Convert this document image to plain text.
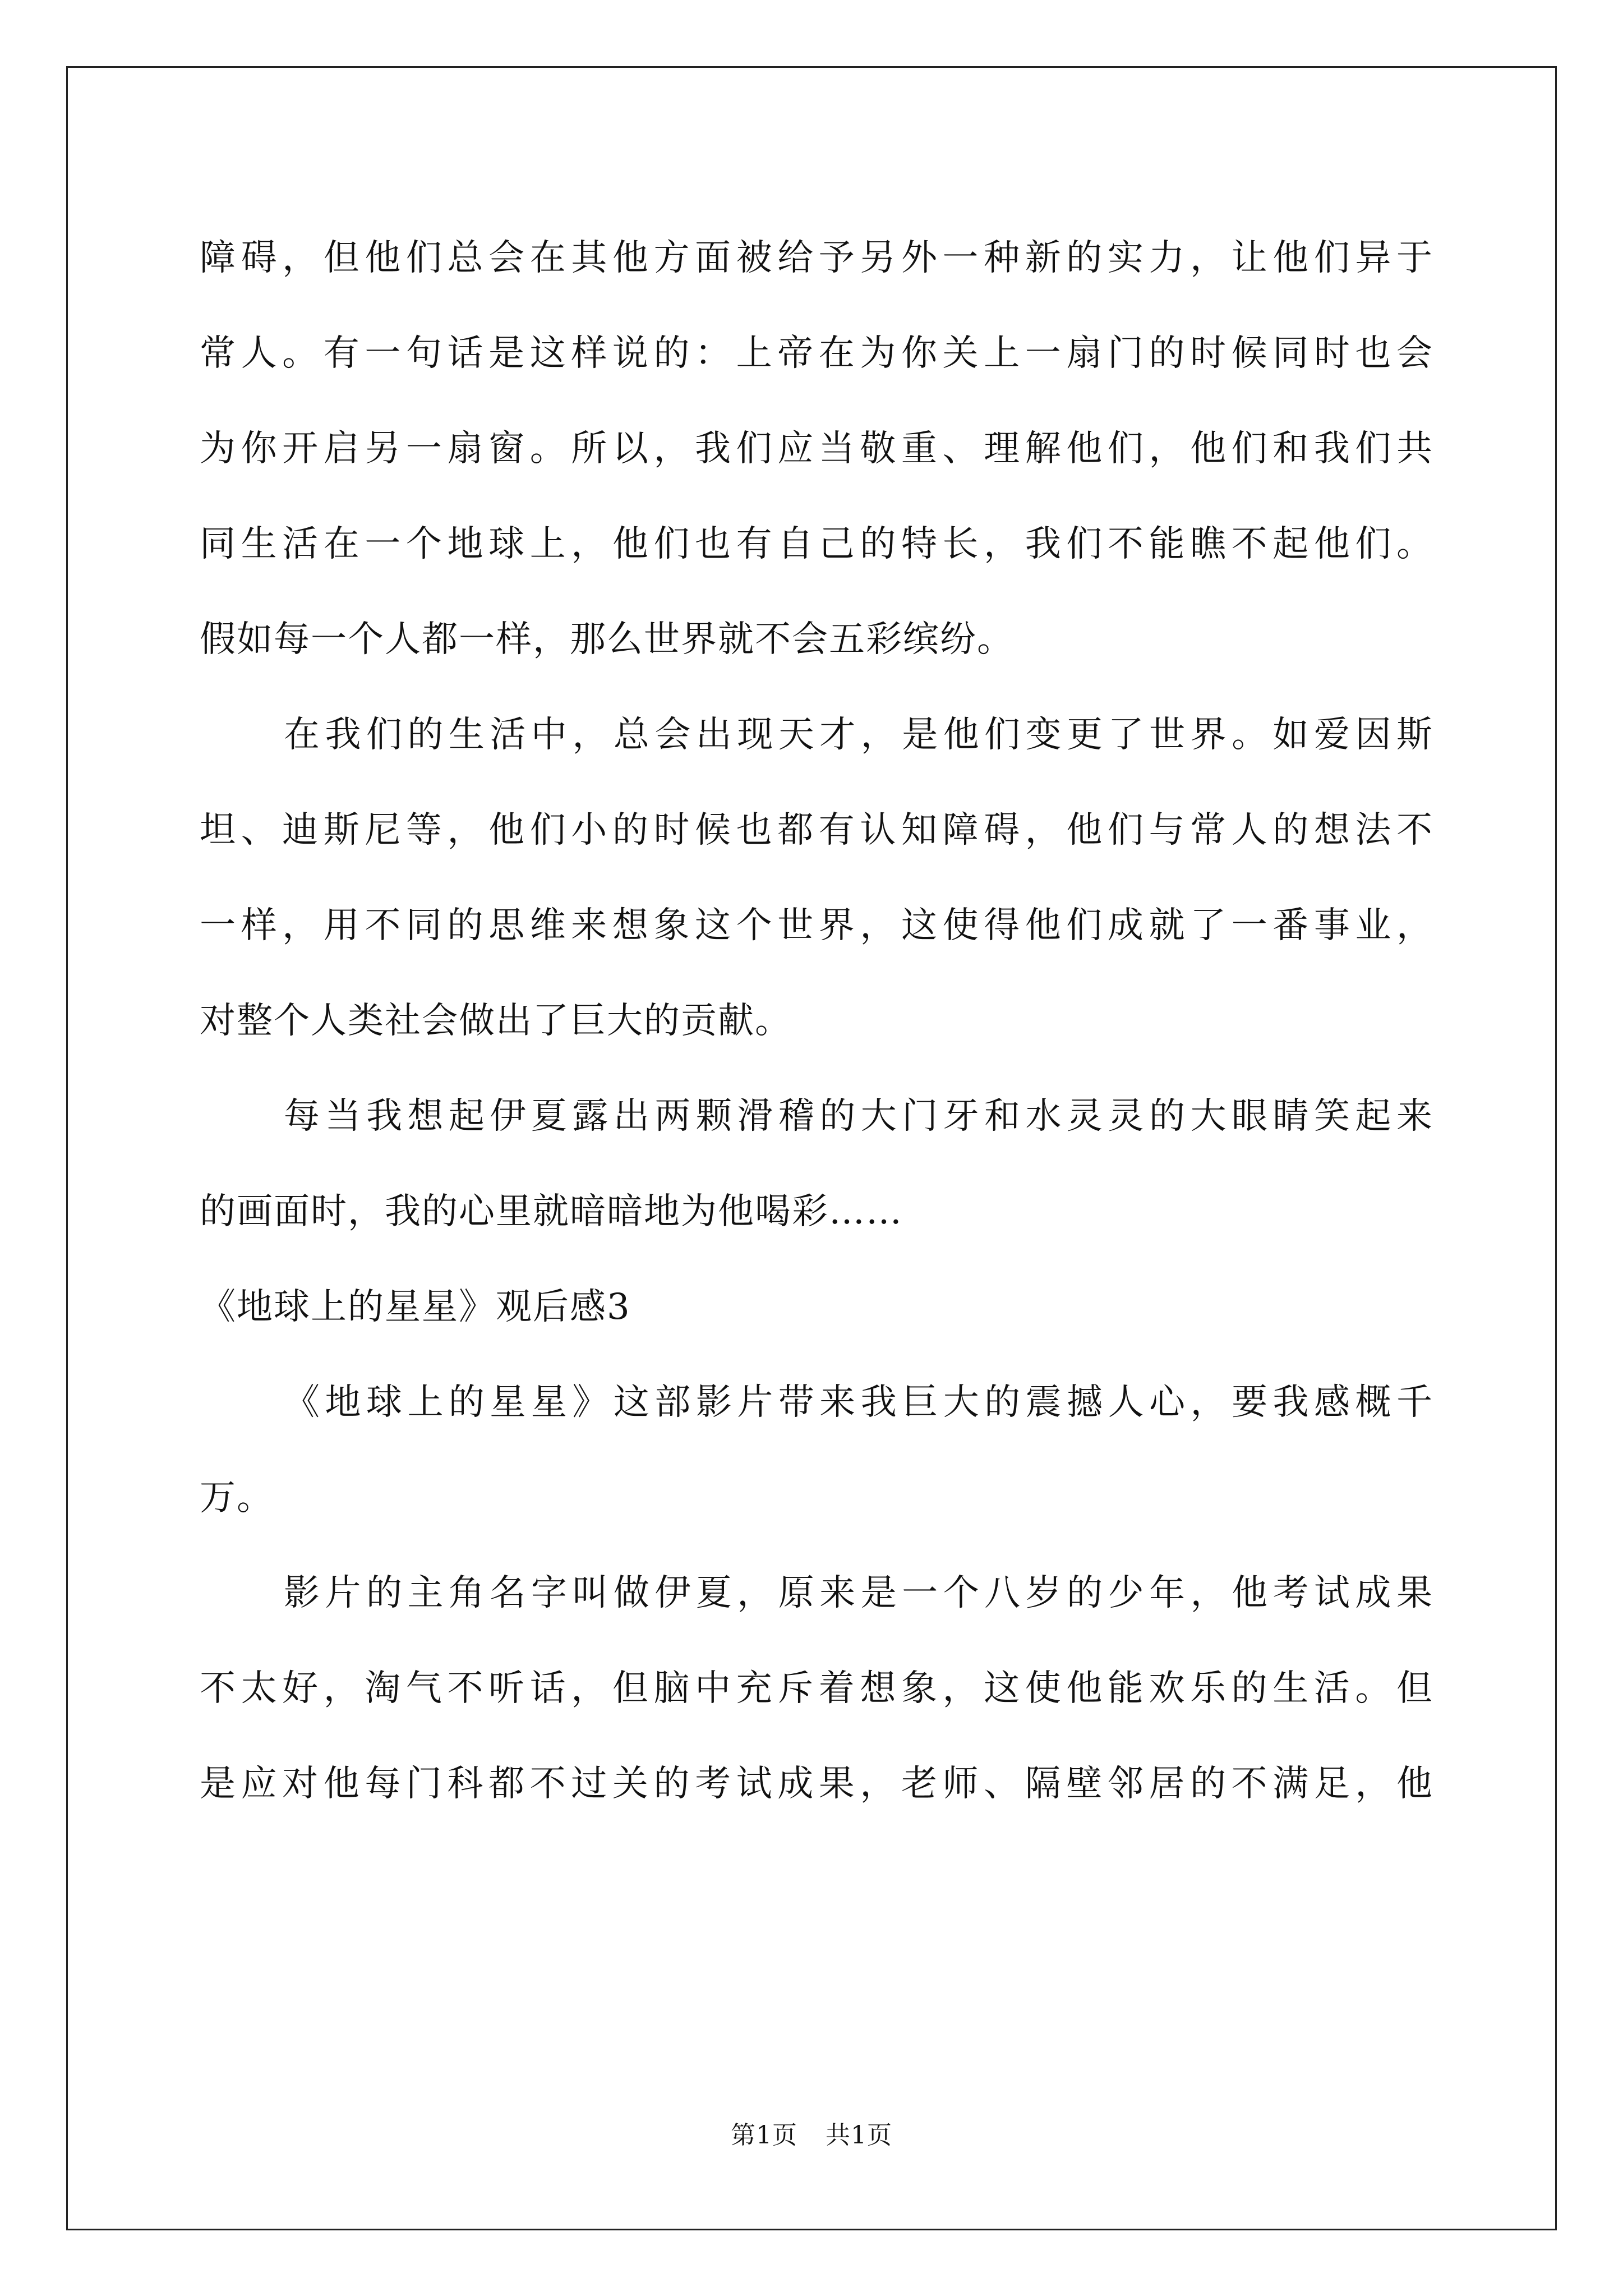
障碍，但他们总会在其他方面被给予另外一种新的实力，让他们异于
常人。有一句话是这样说的：上帝在为你关上一扇门的时候同时也会
为你开启另一扇窗。所以，我们应当敬重、理解他们，他们和我们共
同生活在一个地球上，他们也有自己的特长，我们不能瞧不起他们。
假如每一个人都一样，那么世界就不会五彩缤纷。
在我们的生活中，总会出现天才，是他们变更了世界。如爱因斯
坦、迪斯尼等，他们小的时候也都有认知障碍，他们与常人的想法不
一样，用不同的思维来想象这个世界，这使得他们成就了一番事业，
对整个人类社会做出了巨大的贡献。
每当我想起伊夏露出两颗滑稽的大门牙和水灵灵的大眼睛笑起来
的画面时，我的心里就暗暗地为他喝彩……
《地球上的星星》观后感3
《地球上的星星》这部影片带来我巨大的震撼人心，要我感概千
万。
影片的主角名字叫做伊夏，原来是一个八岁的少年，他考试成果
不太好，淘气不听话，但脑中充斥着想象，这使他能欢乐的生活。但
是应对他每门科都不过关的考试成果，老师、隔壁邻居的不满足，他
第1页 共1页
